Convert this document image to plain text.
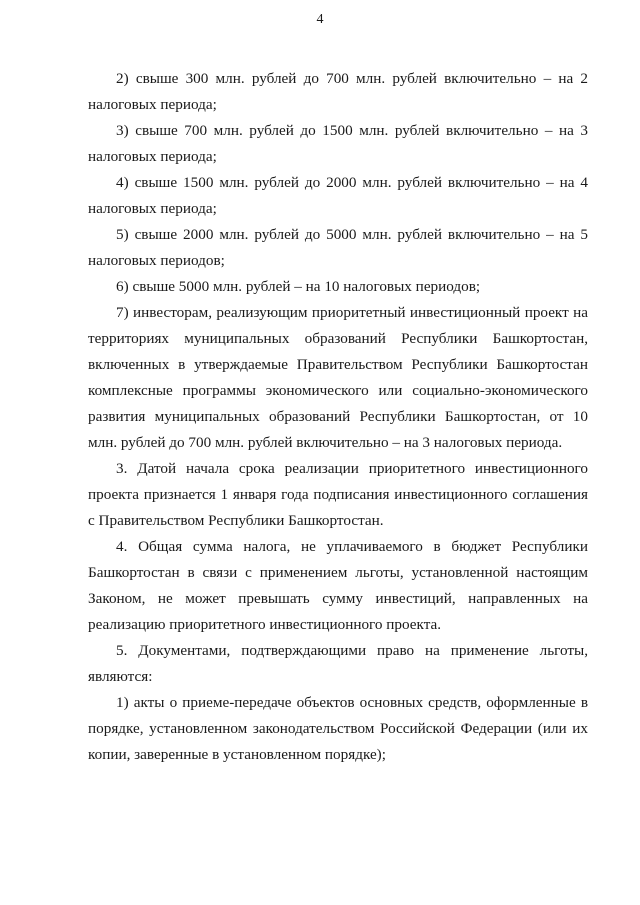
4

2) свыше 300 млн. рублей до 700 млн. рублей включительно – на 2 налоговых периода;

3) свыше 700 млн. рублей до 1500 млн. рублей включительно – на 3 налоговых периода;

4) свыше 1500 млн. рублей до 2000 млн. рублей включительно – на 4 налоговых периода;

5) свыше 2000 млн. рублей до 5000 млн. рублей включительно – на 5 налоговых периодов;

6) свыше 5000 млн. рублей – на 10 налоговых периодов;

7) инвесторам, реализующим приоритетный инвестиционный проект на территориях муниципальных образований Республики Башкортостан, включенных в утверждаемые Правительством Республики Башкортостан комплексные программы экономического или социально-экономического развития муниципальных образований Республики Башкортостан, от 10 млн. рублей до 700 млн. рублей включительно – на 3 налоговых периода.

3. Датой начала срока реализации приоритетного инвестиционного проекта признается 1 января года подписания инвестиционного соглашения с Правительством Республики Башкортостан.

4. Общая сумма налога, не уплачиваемого в бюджет Республики Башкортостан в связи с применением льготы, установленной настоящим Законом, не может превышать сумму инвестиций, направленных на реализацию приоритетного инвестиционного проекта.

5. Документами, подтверждающими право на применение льготы, являются:

1) акты о приеме-передаче объектов основных средств, оформленные в порядке, установленном законодательством Российской Федерации (или их копии, заверенные в установленном порядке);
